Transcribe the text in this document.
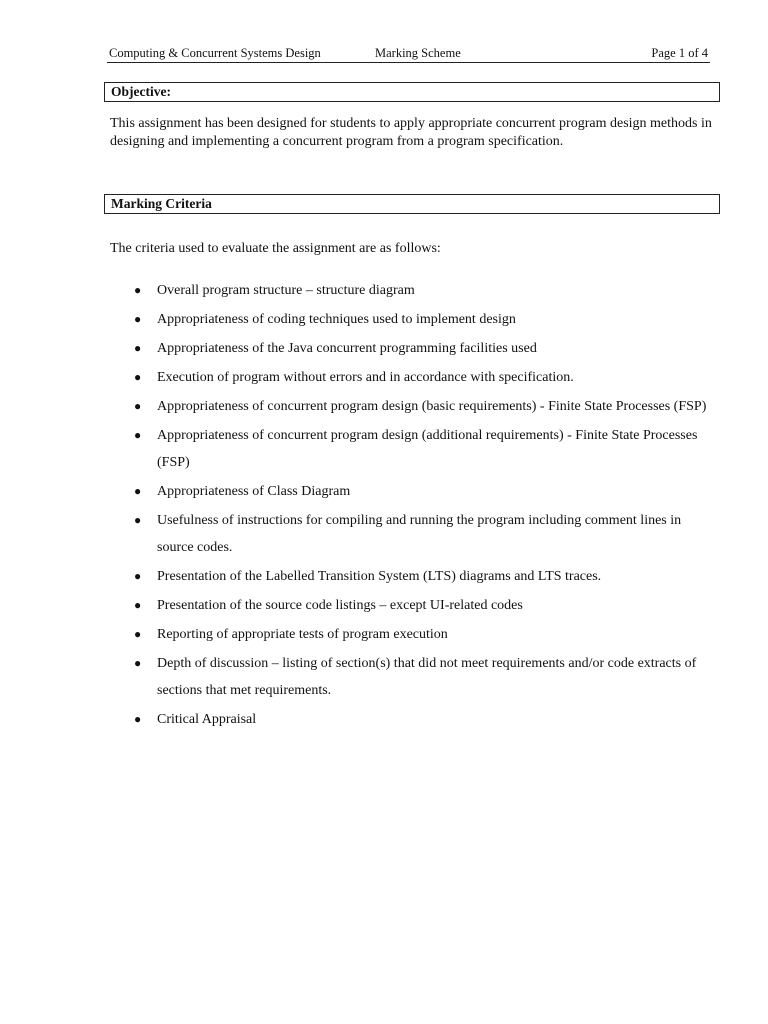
Computing & Concurrent Systems Design	Marking Scheme	Page 1 of 4
Objective:
This assignment has been designed for students to apply appropriate concurrent program design methods in designing and implementing a concurrent program from a program specification.
Marking Criteria
The criteria used to evaluate the assignment are as follows:
● Overall program structure – structure diagram
● Appropriateness of coding techniques used to implement design
● Appropriateness of the Java concurrent programming facilities used
● Execution of program without errors and in accordance with specification.
● Appropriateness of concurrent program design (basic requirements) - Finite State Processes (FSP)
● Appropriateness of concurrent program design (additional requirements) - Finite State Processes (FSP)
● Appropriateness of Class Diagram
● Usefulness of instructions for compiling and running the program including comment lines in source codes.
● Presentation of the Labelled Transition System (LTS) diagrams and LTS traces.
● Presentation of the source code listings – except UI-related codes
● Reporting of appropriate tests of program execution
● Depth of discussion – listing of section(s) that did not meet requirements and/or code extracts of sections that met requirements.
● Critical Appraisal
